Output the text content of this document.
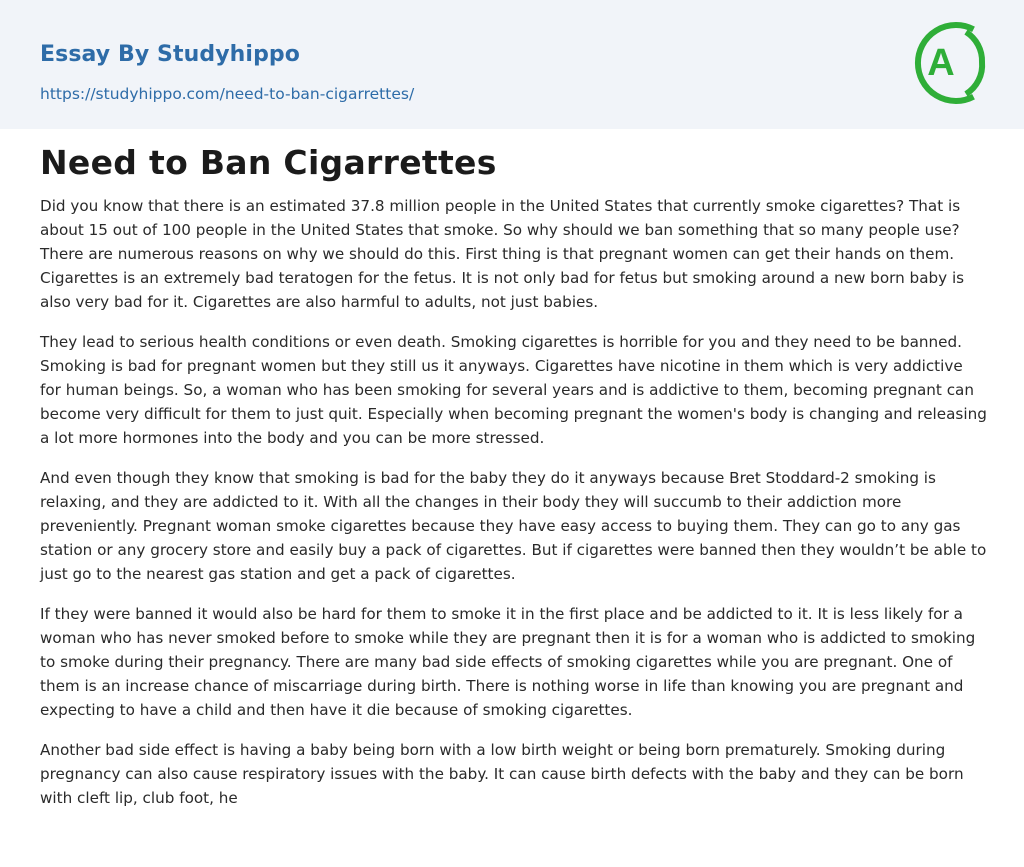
Essay By Studyhippo
https://studyhippo.com/need-to-ban-cigarrettes/
A
Need to Ban Cigarrettes

Did you know that there is an estimated 37.8 million people in the United States that currently smoke cigarettes? That is about 15 out of 100 people in the United States that smoke. So why should we ban something that so many people use? There are numerous reasons on why we should do this. First thing is that pregnant women can get their hands on them. Cigarettes is an extremely bad teratogen for the fetus. It is not only bad for fetus but smoking around a new born baby is also very bad for it. Cigarettes are also harmful to adults, not just babies.

They lead to serious health conditions or even death. Smoking cigarettes is horrible for you and they need to be banned. Smoking is bad for pregnant women but they still us it anyways. Cigarettes have nicotine in them which is very addictive for human beings. So, a woman who has been smoking for several years and is addictive to them, becoming pregnant can become very difficult for them to just quit. Especially when becoming pregnant the women's body is changing and releasing a lot more hormones into the body and you can be more stressed.

And even though they know that smoking is bad for the baby they do it anyways because Bret Stoddard-2 smoking is relaxing, and they are addicted to it. With all the changes in their body they will succumb to their addiction more preveniently. Pregnant woman smoke cigarettes because they have easy access to buying them. They can go to any gas station or any grocery store and easily buy a pack of cigarettes. But if cigarettes were banned then they wouldn’t be able to just go to the nearest gas station and get a pack of cigarettes.

If they were banned it would also be hard for them to smoke it in the first place and be addicted to it. It is less likely for a woman who has never smoked before to smoke while they are pregnant then it is for a woman who is addicted to smoking to smoke during their pregnancy. There are many bad side effects of smoking cigarettes while you are pregnant. One of them is an increase chance of miscarriage during birth. There is nothing worse in life than knowing you are pregnant and expecting to have a child and then have it die because of smoking cigarettes.

Another bad side effect is having a baby being born with a low birth weight or being born prematurely. Smoking during pregnancy can also cause respiratory issues with the baby. It can cause birth defects with the baby and they can be born with cleft lip, club foot, he
